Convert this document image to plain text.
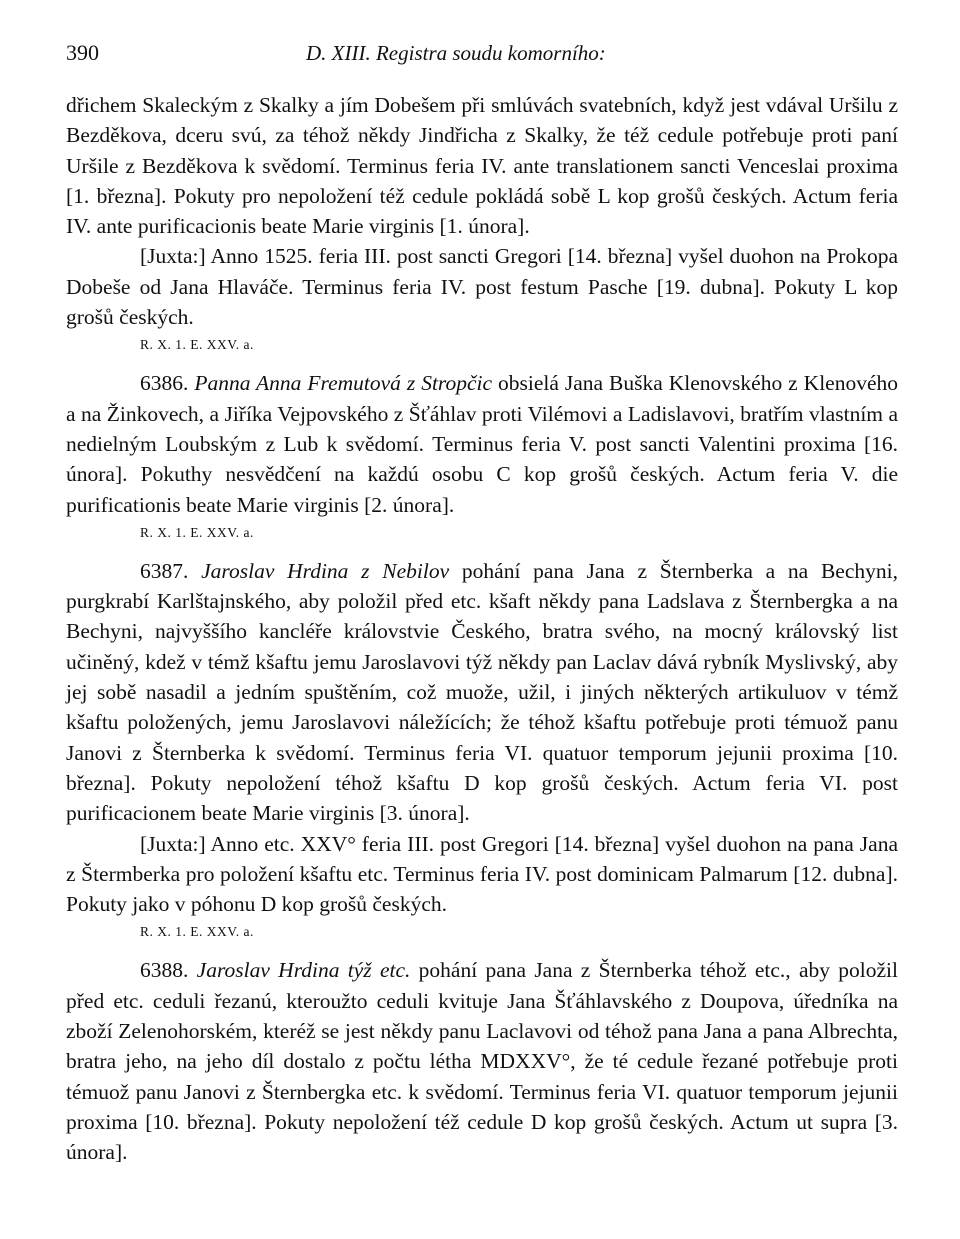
390	D. XIII. Registra soudu komorního:

dřichem Skaleckým z Skalky a jím Dobešem při smlúvách svatebních, když jest vdával Uršilu z Bezděkova, dceru svú, za téhož někdy Jindřicha z Skalky, že též cedule potřebuje proti paní Uršile z Bezděkova k svědomí. Terminus feria IV. ante translationem sancti Venceslai proxima [1. března]. Pokuty pro nepoložení též cedule pokládá sobě L kop grošů českých. Actum feria IV. ante purificacionis beate Marie virginis [1. února].

[Juxta:] Anno 1525. feria III. post sancti Gregori [14. března] vyšel duohon na Prokopa Dobeše od Jana Hlaváče. Terminus feria IV. post festum Pasche [19. dubna]. Pokuty L kop grošů českých.

R. X. 1. E. XXV. a.

6386. Panna Anna Fremutová z Stropčic obsielá Jana Buška Klenovského z Klenového a na Žinkovech, a Jiříka Vejpovského z Šťáhlav proti Vilémovi a Ladislavovi, bratřím vlastním a nedielným Loubským z Lub k svědomí. Terminus feria V. post sancti Valentini proxima [16. února]. Pokuthy nesvědčení na každú osobu C kop grošů českých. Actum feria V. die purificationis beate Marie virginis [2. února].

R. X. 1. E. XXV. a.

6387. Jaroslav Hrdina z Nebilov pohání pana Jana z Šternberka a na Bechyni, purgkrabí Karlštajnského, aby položil před etc. kšaft někdy pana Ladslava z Šternbergka a na Bechyni, najvyššího kancléře královstvie Českého, bratra svého, na mocný královský list učiněný, kdež v témž kšaftu jemu Jaroslavovi týž někdy pan Laclav dává rybník Myslivský, aby jej sobě nasadil a jedním spuštěním, což muože, užil, i jiných některých artikuluov v témž kšaftu položených, jemu Jaroslavovi náležících; že téhož kšaftu potřebuje proti témuož panu Janovi z Šternberka k svědomí. Terminus feria VI. quatuor temporum jejunii proxima [10. března]. Pokuty nepoložení téhož kšaftu D kop grošů českých. Actum feria VI. post purificacionem beate Marie virginis [3. února].

[Juxta:] Anno etc. XXV° feria III. post Gregori [14. března] vyšel duohon na pana Jana z Štermberka pro položení kšaftu etc. Terminus feria IV. post dominicam Palmarum [12. dubna]. Pokuty jako v póhonu D kop grošů českých.

R. X. 1. E. XXV. a.

6388. Jaroslav Hrdina týž etc. pohání pana Jana z Šternberka téhož etc., aby položil před etc. ceduli řezanú, kteroužto ceduli kvituje Jana Šťáhlavského z Doupova, úředníka na zboží Zelenohorském, kteréž se jest někdy panu Laclavovi od téhož pana Jana a pana Albrechta, bratra jeho, na jeho díl dostalo z počtu létha MDXXV°, že té cedule řezané potřebuje proti témuož panu Janovi z Šternbergka etc. k svědomí. Terminus feria VI. quatuor temporum jejunii proxima [10. března]. Pokuty nepoložení též cedule D kop grošů českých. Actum ut supra [3. února].
